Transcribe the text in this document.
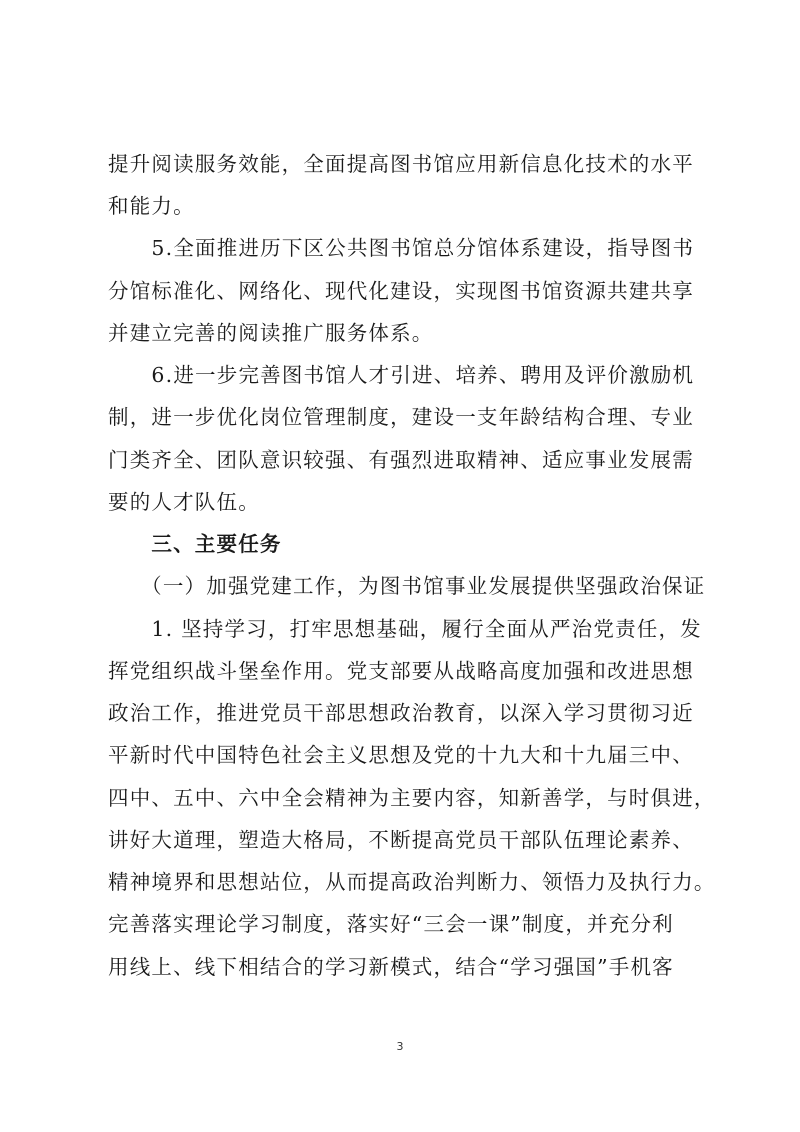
提升阅读服务效能，全面提高图书馆应用新信息化技术的水平
和能力。
　　5.全面推进历下区公共图书馆总分馆体系建设，指导图书
分馆标准化、网络化、现代化建设，实现图书馆资源共建共享
并建立完善的阅读推广服务体系。
　　6.进一步完善图书馆人才引进、培养、聘用及评价激励机
制，进一步优化岗位管理制度，建设一支年龄结构合理、专业
门类齐全、团队意识较强、有强烈进取精神、适应事业发展需
要的人才队伍。
　　三、主要任务
　　（一）加强党建工作，为图书馆事业发展提供坚强政治保证
　　1. 坚持学习，打牢思想基础，履行全面从严治党责任，发
挥党组织战斗堡垒作用。党支部要从战略高度加强和改进思想
政治工作，推进党员干部思想政治教育，以深入学习贯彻习近
平新时代中国特色社会主义思想及党的十九大和十九届三中、
四中、五中、六中全会精神为主要内容，知新善学，与时俱进，
讲好大道理，塑造大格局，不断提高党员干部队伍理论素养、
精神境界和思想站位，从而提高政治判断力、领悟力及执行力。
完善落实理论学习制度，落实好“三会一课”制度，并充分利
用线上、线下相结合的学习新模式，结合“学习强国”手机客
3
